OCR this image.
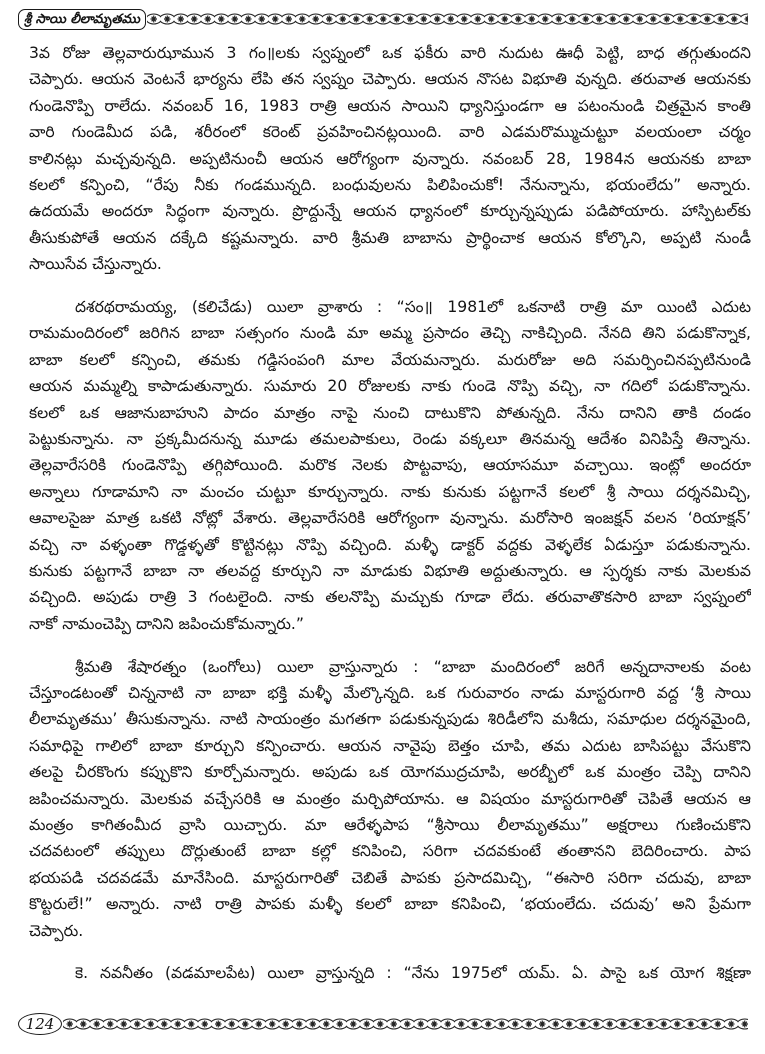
శ్రీ సాయి లీలామృతము
3వ రోజు తెల్లవారుఝామున 3 గం॥లకు స్వప్నంలో ఒక ఫకీరు వారి నుదుట ఊధీ పెట్టి, బాధ తగ్గుతుందని
చెప్పారు. ఆయన వెంటనే భార్యను లేపి తన స్వప్నం చెప్పారు. ఆయన నొసట విభూతి వున్నది. తరువాత ఆయనకు
గుండెనొప్పి రాలేదు. నవంబర్ 16, 1983 రాత్రి ఆయన సాయిని ధ్యానిస్తుండగా ఆ పటంనుండి చిత్రమైన కాంతి
వారి గుండెమీద పడి, శరీరంలో కరెంట్ ప్రవహించినట్లయింది. వారి ఎడమరొమ్ముచుట్టూ వలయంలా చర్మం
కాలినట్లు మచ్చవున్నది. అప్పటినుంచీ ఆయన ఆరోగ్యంగా వున్నారు. నవంబర్ 28, 1984న ఆయనకు బాబా
కలలో కన్పించి, “రేపు నీకు గండమున్నది. బంధువులను పిలిపించుకో! నేనున్నాను, భయంలేదు” అన్నారు.
ఉదయమే అందరూ సిద్ధంగా వున్నారు. ప్రొద్దున్నే ఆయన ధ్యానంలో కూర్చున్నప్పుడు పడిపోయారు. హాస్పిటల్‌కు
తీసుకుపోతే ఆయన దక్కేది కష్టమన్నారు. వారి శ్రీమతి బాబాను ప్రార్థించాక ఆయన కోల్కొని, అప్పటి నుండీ
సాయిసేవ చేస్తున్నారు.
దశరథరామయ్య, (కలిచేడు) యిలా వ్రాశారు : “సం॥ 1981లో ఒకనాటి రాత్రి మా యింటి ఎదుట
రామమందిరంలో జరిగిన బాబా సత్సంగం నుండి మా అమ్మ ప్రసాదం తెచ్చి నాకిచ్చింది. నేనది తిని పడుకొన్నాక,
బాబా కలలో కన్పించి, తమకు గడ్డిసంపంగి మాల వేయమన్నారు. మరురోజు అది సమర్పించినప్పటినుండి
ఆయన మమ్మల్ని కాపాడుతున్నారు. సుమారు 20 రోజులకు నాకు గుండె నొప్పి వచ్చి, నా గదిలో పడుకొన్నాను.
కలలో ఒక ఆజానుబాహుని పాదం మాత్రం నాపై నుంచి దాటుకొని పోతున్నది. నేను దానిని తాకి దండం
పెట్టుకున్నాను. నా ప్రక్కమీదనున్న మూడు తమలపాకులు, రెండు వక్కలూ తినమన్న ఆదేశం వినిపిస్తే తిన్నాను.
తెల్లవారేసరికి గుండెనొప్పి తగ్గిపోయింది. మరొక నెలకు పొట్టవాపు, ఆయాసమూ వచ్చాయి. ఇంట్లో అందరూ
అన్నాలు గూడామాని నా మంచం చుట్టూ కూర్చున్నారు. నాకు కునుకు పట్టగానే కలలో శ్రీ సాయి దర్శనమిచ్చి,
ఆవాలసైజు మాత్ర ఒకటి నోట్లో వేశారు. తెల్లవారేసరికి ఆరోగ్యంగా వున్నాను. మరోసారి ఇంజక్షన్ వలన ‘రియాక్షన్’
వచ్చి నా వళ్ళంతా గొడ్డళ్ళతో కొట్టినట్లు నొప్పి వచ్చింది. మళ్ళీ డాక్టర్ వద్దకు వెళ్ళలేక ఏడుస్తూ పడుకున్నాను.
కునుకు పట్టగానే బాబా నా తలవద్ద కూర్చుని నా మాడుకు విభూతి అద్దుతున్నారు. ఆ స్పర్శకు నాకు మెలకువ
వచ్చింది. అపుడు రాత్రి 3 గంటలైంది. నాకు తలనొప్పి మచ్చుకు గూడా లేదు. తరువాతొకసారి బాబా స్వప్నంలో
నాకో నామంచెప్పి దానిని జపించుకోమన్నారు.”
శ్రీమతి శేషారత్నం (ఒంగోలు) యిలా వ్రాస్తున్నారు : “బాబా మందిరంలో జరిగే అన్నదానాలకు వంట
చేస్తూండటంతో చిన్ననాటి నా బాబా భక్తి మళ్ళీ మేల్కొన్నది. ఒక గురువారం నాడు మాస్టరుగారి వద్ద ‘శ్రీ సాయి
లీలామృతము’ తీసుకున్నాను. నాటి సాయంత్రం మగతగా పడుకున్నపుడు శిరిడీలోని మశీదు, సమాధుల దర్శనమైంది,
సమాధిపై గాలిలో బాబా కూర్చుని కన్పించారు. ఆయన నావైపు బెత్తం చూపి, తమ ఎదుట బాసిపట్టు వేసుకొని
తలపై చీరకొంగు కప్పుకొని కూర్చోమన్నారు. అపుడు ఒక యోగముద్రచూపి, అరబ్బీలో ఒక మంత్రం చెప్పి దానిని
జపించమన్నారు. మెలకువ వచ్చేసరికి ఆ మంత్రం మర్చిపోయాను. ఆ విషయం మాస్టరుగారితో చెపితే ఆయన ఆ
మంత్రం కాగితంమీద వ్రాసి యిచ్చారు. మా ఆరేళ్ళపాప “శ్రీసాయి లీలామృతము” అక్షరాలు గుణించుకొని
చదవటంలో తప్పులు దొర్లుతుంటే బాబా కల్లో కనిపించి, సరిగా చదవకుంటే తంతానని బెదిరించారు. పాప
భయపడి చదవడమే మానేసింది. మాస్టరుగారితో చెబితే పాపకు ప్రసాదమిచ్చి, “ఈసారి సరిగా చదువు, బాబా
కొట్టరులే!” అన్నారు. నాటి రాత్రి పాపకు మళ్ళీ కలలో బాబా కనిపించి, ‘భయంలేదు. చదువు’ అని ప్రేమగా
చెప్పారు.
కె. నవనీతం (వడమాలపేట) యిలా వ్రాస్తున్నది : “నేను 1975లో యమ్. ఏ. పాసై ఒక యోగ శిక్షణా
124
